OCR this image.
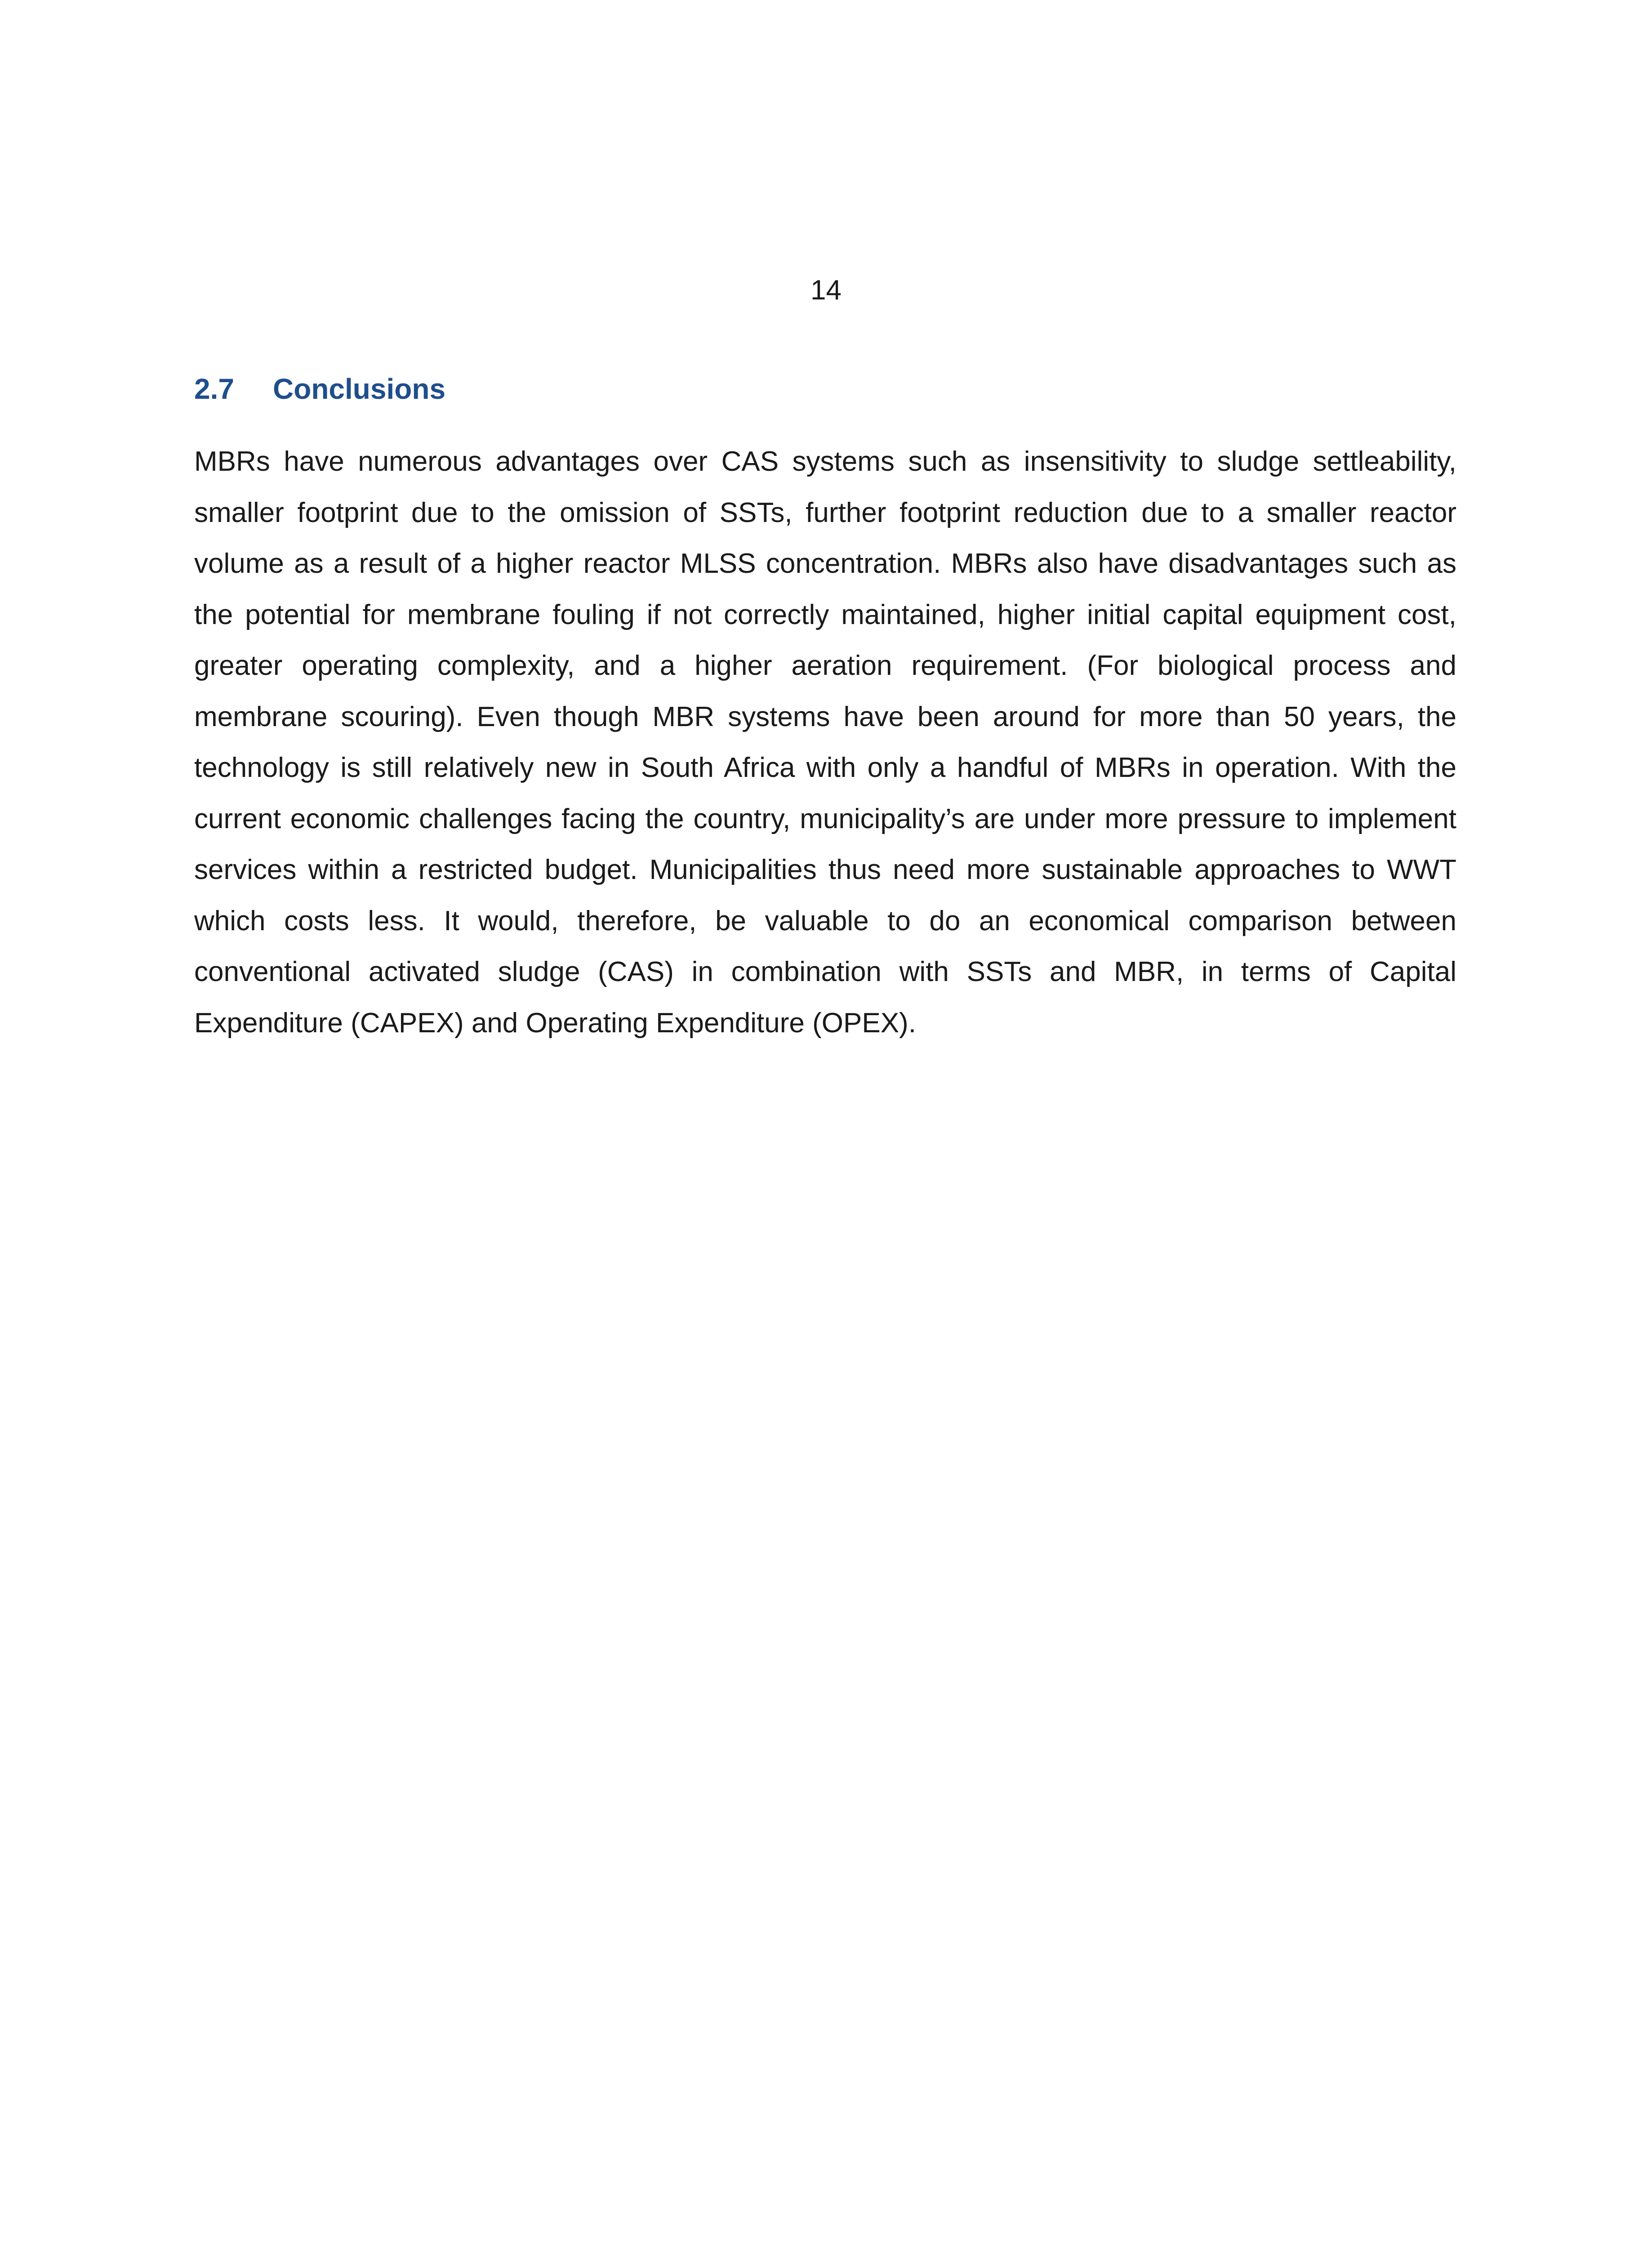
14
2.7	Conclusions

MBRs have numerous advantages over CAS systems such as insensitivity to sludge settleability, smaller footprint due to the omission of SSTs, further footprint reduction due to a smaller reactor volume as a result of a higher reactor MLSS concentration. MBRs also have disadvantages such as the potential for membrane fouling if not correctly maintained, higher initial capital equipment cost, greater operating complexity, and a higher aeration requirement. (For biological process and membrane scouring). Even though MBR systems have been around for more than 50 years, the technology is still relatively new in South Africa with only a handful of MBRs in operation. With the current economic challenges facing the country, municipality’s are under more pressure to implement services within a restricted budget. Municipalities thus need more sustainable approaches to WWT which costs less. It would, therefore, be valuable to do an economical comparison between conventional activated sludge (CAS) in combination with SSTs and MBR, in terms of Capital Expenditure (CAPEX) and Operating Expenditure (OPEX).
